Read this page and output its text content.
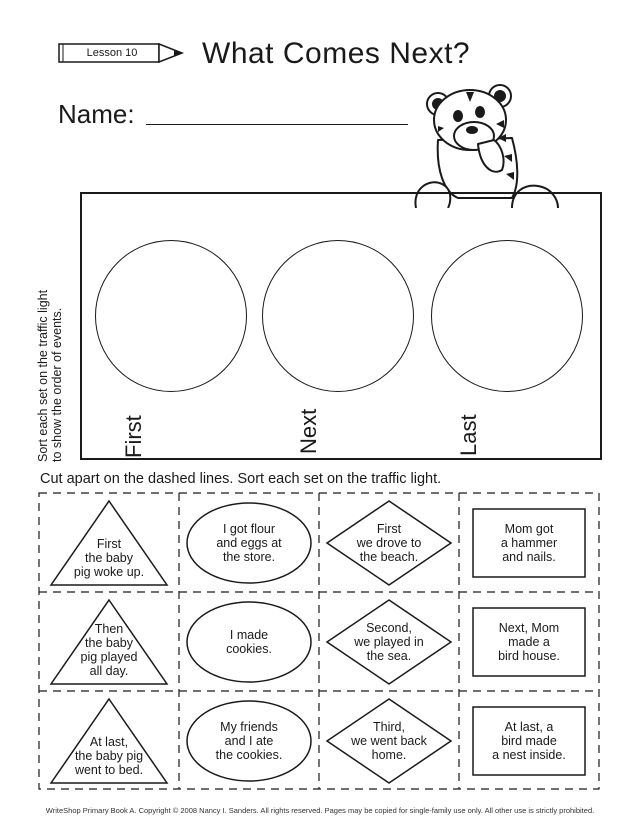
Lesson 10	What Comes Next?
Name:
First	Next	Last
Sort each set on the traffic light to show the order of events.
Cut apart on the dashed lines. Sort each set on the traffic light.
First
the baby
pig woke up.
I got flour
and eggs at
the store.
First
we drove to
the beach.
Mom got
a hammer
and nails.
Then
the baby
pig played
all day.
I made
cookies.
Second,
we played in
the sea.
Next, Mom
made a
bird house.
At last,
the baby pig
went to bed.
My friends
and I ate
the cookies.
Third,
we went back
home.
At last, a
bird made
a nest inside.
WriteShop Primary Book A. Copyright © 2008 Nancy I. Sanders. All rights reserved. Pages may be copied for single-family use only. All other use is strictly prohibited.
